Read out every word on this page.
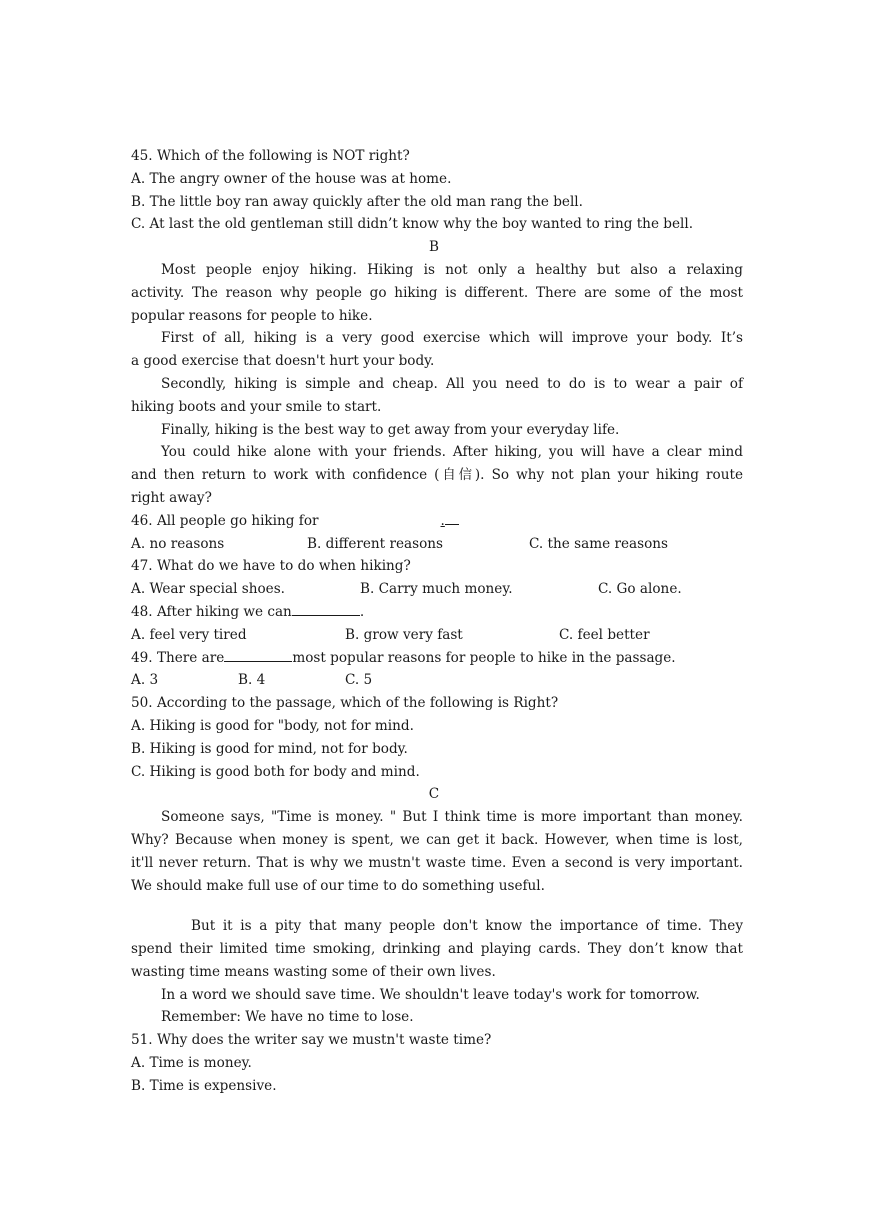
45. Which of the following is NOT right?
A. The angry owner of the house was at home.
B. The little boy ran away quickly after the old man rang the bell.
C. At last the old gentleman still didn’t know why the boy wanted to ring the bell.
B
Most people enjoy hiking. Hiking is not only a healthy but also a relaxing
activity. The reason why people go hiking is different. There are some of the most
popular reasons for people to hike.
First of all, hiking is a very good exercise which will improve your body. It’s
a good exercise that doesn't hurt your body.
Secondly, hiking is simple and cheap. All you need to do is to wear a pair of
hiking boots and your smile to start.
Finally, hiking is the best way to get away from your everyday life.
You could hike alone with your friends. After hiking, you will have a clear mind
and then return to work with confidence (自信). So why not plan your hiking route
right away?
46. All people go hiking for	.
A. no reasons	B. different reasons	C. the same reasons
47. What do we have to do when hiking?
A. Wear special shoes.	B. Carry much money.	C. Go alone.
48. After hiking we can	.
A. feel very tired	B. grow very fast	C. feel better
49. There are	most popular reasons for people to hike in the passage.
A. 3	B. 4	C. 5
50. According to the passage, which of the following is Right?
A. Hiking is good for "body, not for mind.
B. Hiking is good for mind, not for body.
C. Hiking is good both for body and mind.
C
Someone says, "Time is money. " But I think time is more important than money.
Why? Because when money is spent, we can get it back. However, when time is lost,
it'll never return. That is why we mustn't waste time. Even a second is very important.
We should make full use of our time to do something useful.
But it is a pity that many people don't know the importance of time. They
spend their limited time smoking, drinking and playing cards. They don’t know that
wasting time means wasting some of their own lives.
In a word we should save time. We shouldn't leave today's work for tomorrow.
Remember: We have no time to lose.
51. Why does the writer say we mustn't waste time?
A. Time is money.
B. Time is expensive.
